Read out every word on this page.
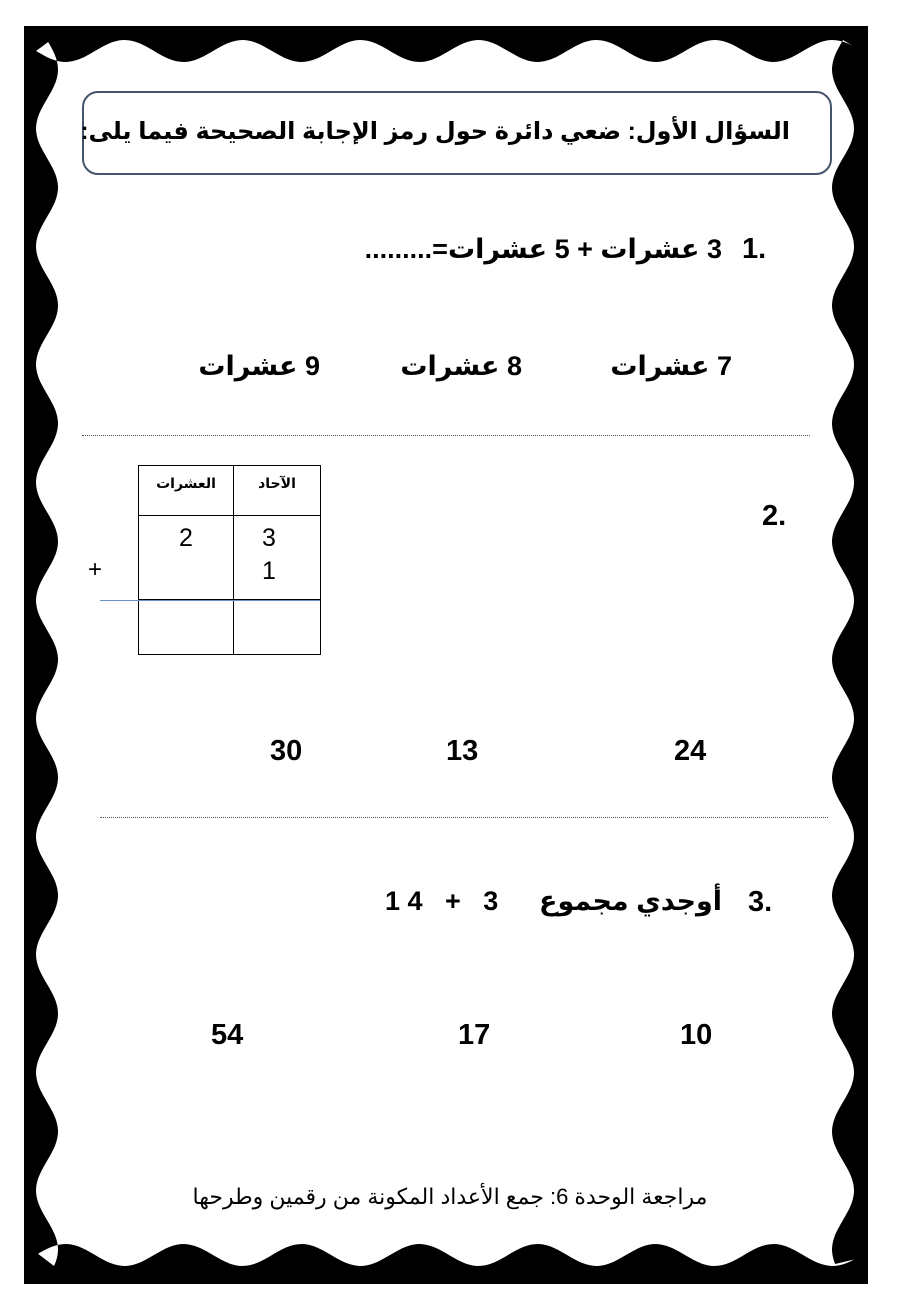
السؤال الأول: ضعي دائرة حول رمز الإجابة الصحيحة فيما يلى:
1.
3 عشرات + 5 عشرات=.........
7 عشرات
8 عشرات
9 عشرات
2.
العشرات	الآحاد

2	3
1

+
24
13
30
3.
أوجدي مجموع
1 4   +   3
10
17
54
مراجعة الوحدة 6: جمع الأعداد المكونة من رقمين وطرحها
